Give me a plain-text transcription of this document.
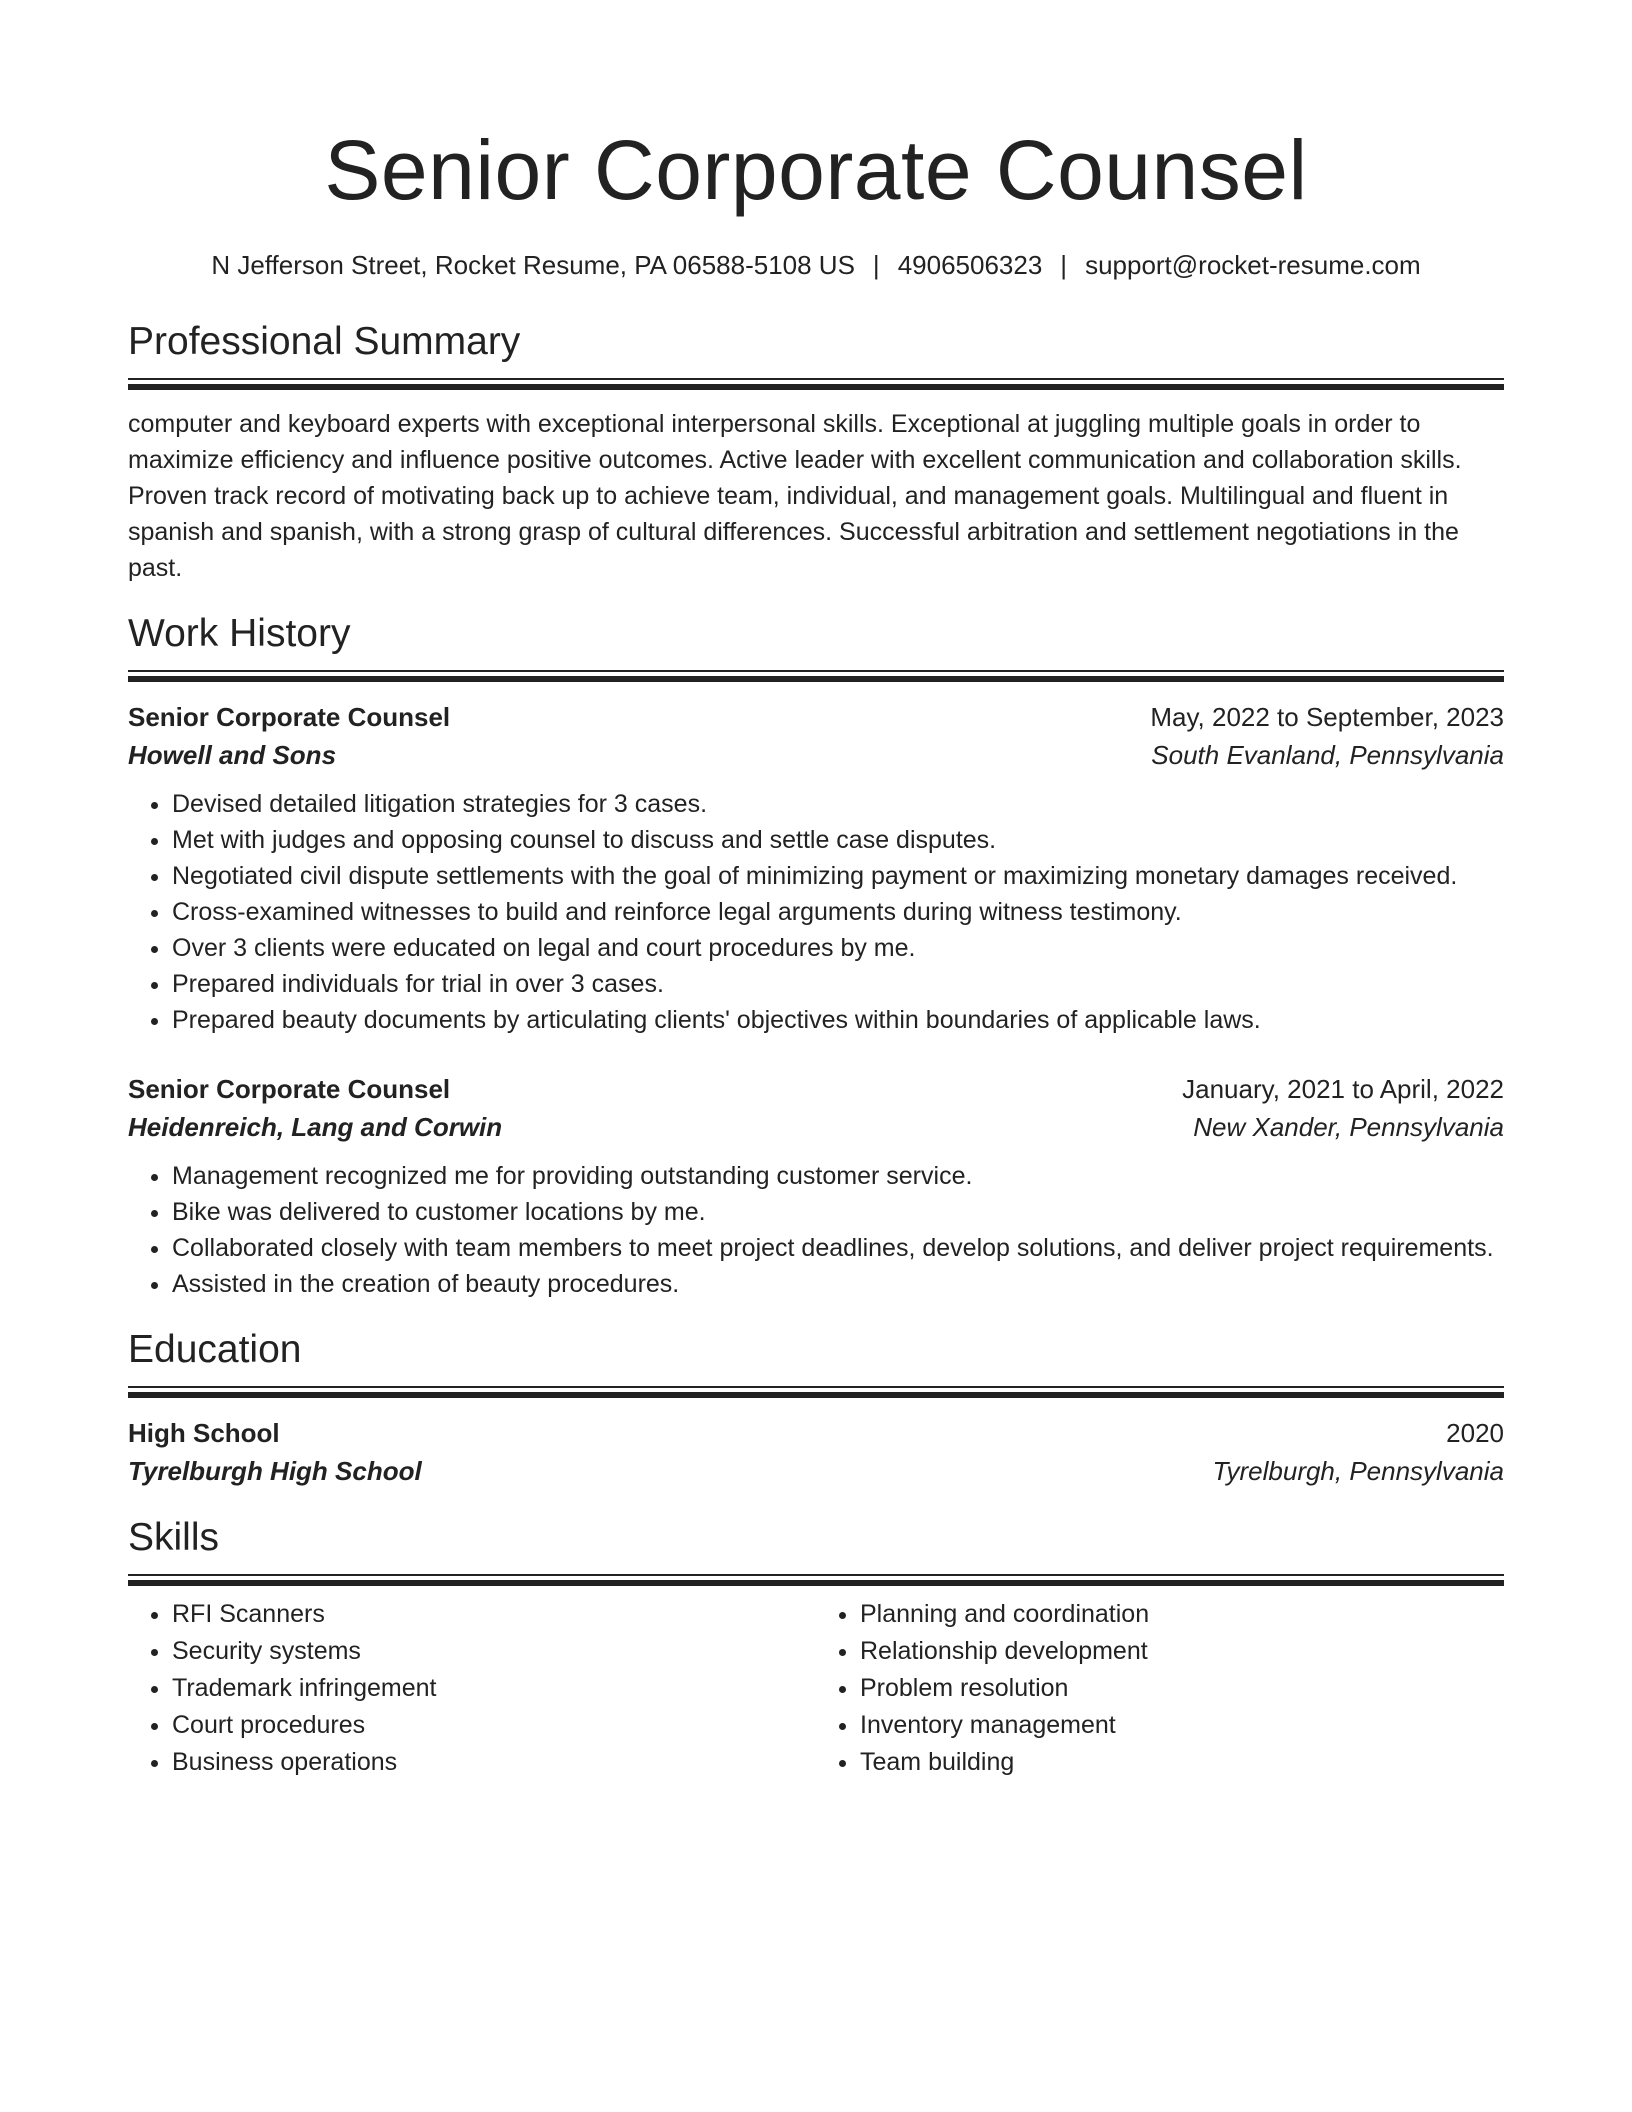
Senior Corporate Counsel
N Jefferson Street, Rocket Resume, PA 06588-5108 US | 4906506323 | support@rocket-resume.com
Professional Summary
computer and keyboard experts with exceptional interpersonal skills. Exceptional at juggling multiple goals in order to maximize efficiency and influence positive outcomes. Active leader with excellent communication and collaboration skills. Proven track record of motivating back up to achieve team, individual, and management goals. Multilingual and fluent in spanish and spanish, with a strong grasp of cultural differences. Successful arbitration and settlement negotiations in the past.
Work History
Senior Corporate Counsel	May, 2022 to September, 2023
Howell and Sons	South Evanland, Pennsylvania
• Devised detailed litigation strategies for 3 cases.
• Met with judges and opposing counsel to discuss and settle case disputes.
• Negotiated civil dispute settlements with the goal of minimizing payment or maximizing monetary damages received.
• Cross-examined witnesses to build and reinforce legal arguments during witness testimony.
• Over 3 clients were educated on legal and court procedures by me.
• Prepared individuals for trial in over 3 cases.
• Prepared beauty documents by articulating clients' objectives within boundaries of applicable laws.
Senior Corporate Counsel	January, 2021 to April, 2022
Heidenreich, Lang and Corwin	New Xander, Pennsylvania
• Management recognized me for providing outstanding customer service.
• Bike was delivered to customer locations by me.
• Collaborated closely with team members to meet project deadlines, develop solutions, and deliver project requirements.
• Assisted in the creation of beauty procedures.
Education
High School	2020
Tyrelburgh High School	Tyrelburgh, Pennsylvania
Skills
• RFI Scanners
• Security systems
• Trademark infringement
• Court procedures
• Business operations
• Planning and coordination
• Relationship development
• Problem resolution
• Inventory management
• Team building
